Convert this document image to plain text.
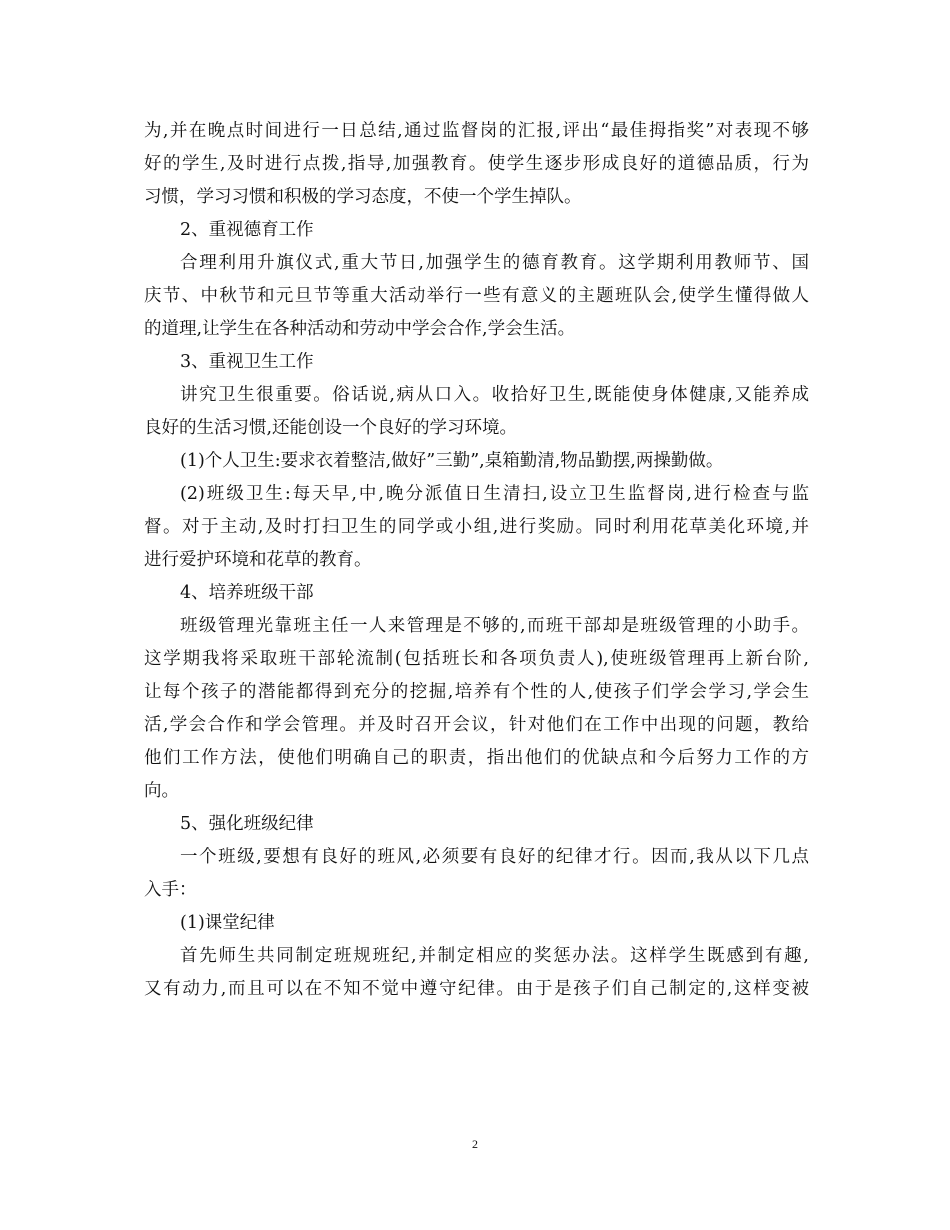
为,并在晚点时间进行一日总结,通过监督岗的汇报,评出“最佳拇指奖”对表现不够
好的学生,及时进行点拨,指导,加强教育。使学生逐步形成良好的道德品质，行为
习惯，学习习惯和积极的学习态度，不使一个学生掉队。
2、重视德育工作
合理利用升旗仪式,重大节日,加强学生的德育教育。这学期利用教师节、国
庆节、中秋节和元旦节等重大活动举行一些有意义的主题班队会,使学生懂得做人
的道理,让学生在各种活动和劳动中学会合作,学会生活。
3、重视卫生工作
讲究卫生很重要。俗话说,病从口入。收拾好卫生,既能使身体健康,又能养成
良好的生活习惯,还能创设一个良好的学习环境。
(1)个人卫生:要求衣着整洁,做好”三勤”,桌箱勤清,物品勤摆,两操勤做。
(2)班级卫生:每天早,中,晚分派值日生清扫,设立卫生监督岗,进行检查与监
督。对于主动,及时打扫卫生的同学或小组,进行奖励。同时利用花草美化环境,并
进行爱护环境和花草的教育。
4、培养班级干部
班级管理光靠班主任一人来管理是不够的,而班干部却是班级管理的小助手。
这学期我将采取班干部轮流制(包括班长和各项负责人),使班级管理再上新台阶,
让每个孩子的潜能都得到充分的挖掘,培养有个性的人,使孩子们学会学习,学会生
活,学会合作和学会管理。并及时召开会议，针对他们在工作中出现的问题，教给
他们工作方法，使他们明确自己的职责，指出他们的优缺点和今后努力工作的方
向。
5、强化班级纪律
一个班级,要想有良好的班风,必须要有良好的纪律才行。因而,我从以下几点
入手：
(1)课堂纪律
首先师生共同制定班规班纪,并制定相应的奖惩办法。这样学生既感到有趣,
又有动力,而且可以在不知不觉中遵守纪律。由于是孩子们自己制定的,这样变被
2
